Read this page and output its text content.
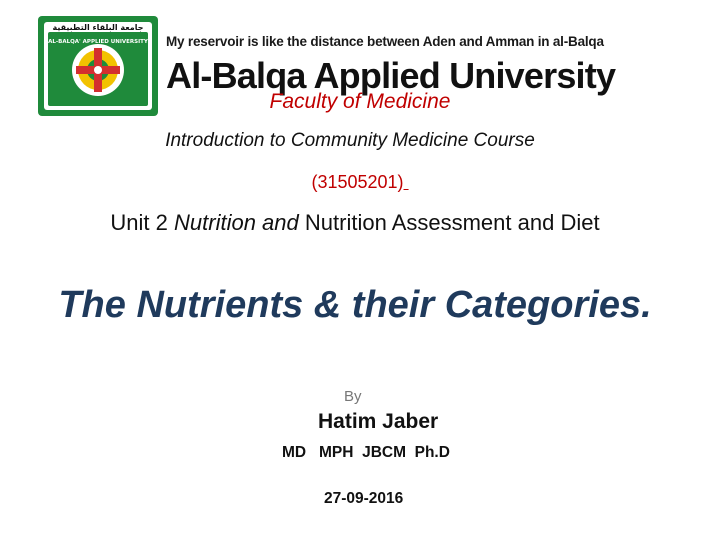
جامعة البلقاء التطبيقية
AL-BALQA' APPLIED UNIVERSITY My reservoir is like the distance between Aden and Amman in al-Balqa
Al-Balqa Applied University
Faculty of Medicine
Introduction to Community Medicine Course
(31505201)
Unit 2 Nutrition and Nutrition Assessment and Diet
The Nutrients & their Categories.
By
Hatim Jaber
MD   MPH  JBCM  Ph.D
27-09-2016
